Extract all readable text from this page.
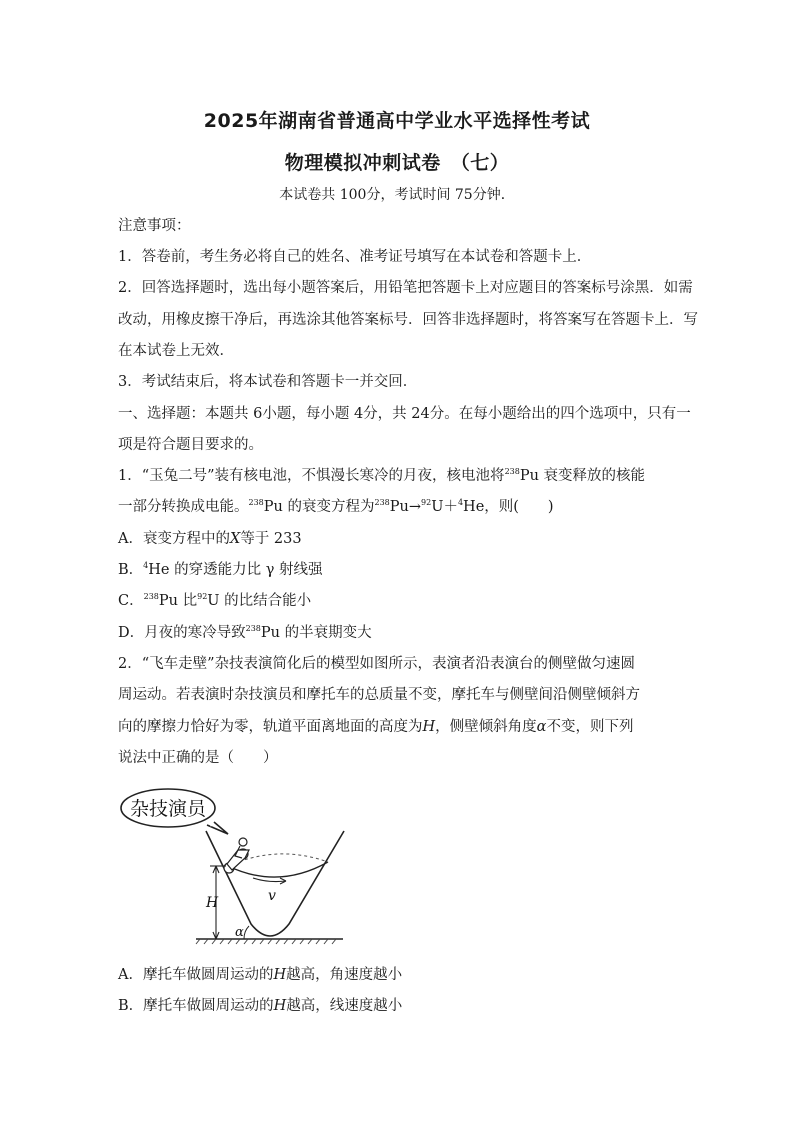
2025年湖南省普通高中学业水平选择性考试
物理模拟冲刺试卷　（七）
本试卷共 100分，考试时间 75分钟．
注意事项：
1．答卷前，考生务必将自己的姓名、准考证号填写在本试卷和答题卡上．
2．回答选择题时，选出每小题答案后，用铅笔把答题卡上对应题目的答案标号涂黑．如需
改动，用橡皮擦干净后，再选涂其他答案标号．回答非选择题时，将答案写在答题卡上．写
在本试卷上无效．
3．考试结束后，将本试卷和答题卡一并交回．
一、选择题：本题共 6小题，每小题 4分，共 24分。在每小题给出的四个选项中，只有一
项是符合题目要求的。
1．“玉兔二号”装有核电池，不惧漫长寒冷的月夜，核电池将$^{238}$Pu 衰变释放的核能
一部分转换成电能。$^{238}$Pu 的衰变方程为$^{238}$Pu→$^{92}$U＋$^4$He，则(　　)
A．衰变方程中的X等于 233
B．$^4$He 的穿透能力比 γ 射线强
C．$^{238}$Pu 比$^{92}$U 的比结合能小
D．月夜的寒冷导致$^{238}$Pu 的半衰期变大
2．“飞车走壁”杂技表演简化后的模型如图所示，表演者沿表演台的侧壁做匀速圆
周运动。若表演时杂技演员和摩托车的总质量不变，摩托车与侧壁间沿侧壁倾斜方
向的摩擦力恰好为零，轨道平面离地面的高度为H，侧壁倾斜角度α不变，则下列
说法中正确的是（　　）
杂技演员
v
H
α
A．摩托车做圆周运动的H越高，角速度越小
B．摩托车做圆周运动的H越高，线速度越小
